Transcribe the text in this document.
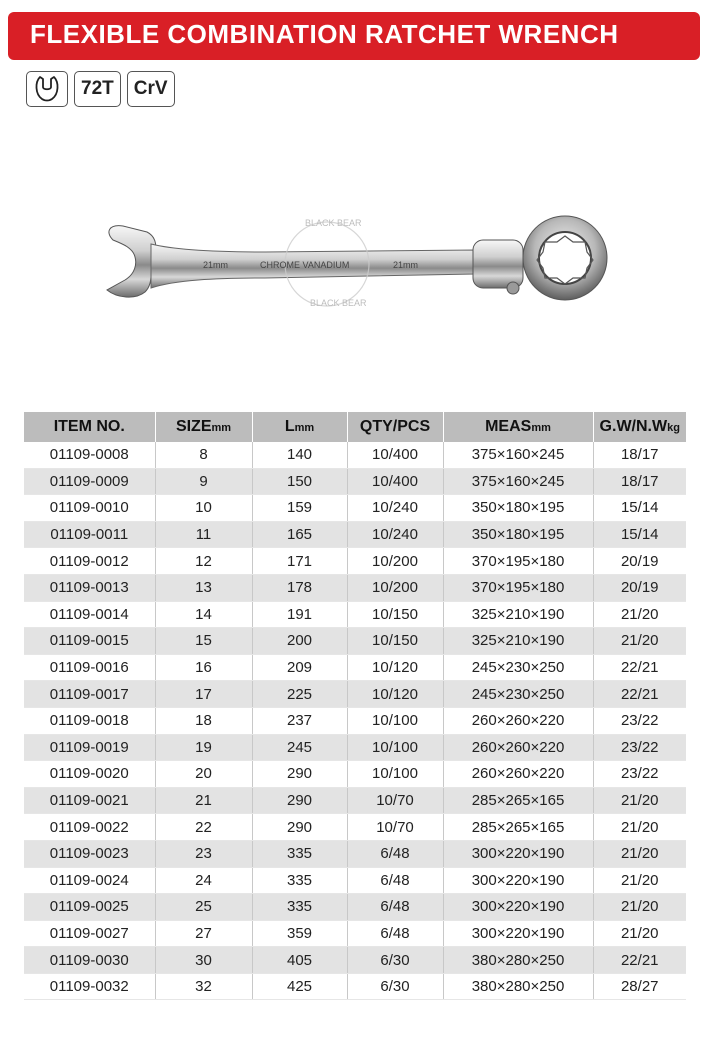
FLEXIBLE COMBINATION RATCHET WRENCH
72T	CrV
BLACK BEAR
BLACK BEAR
21mm	CHROME VANADIUM	21mm
ITEM NO.	SIZEmm	Lmm	QTY/PCS	MEASmm	G.W/N.Wkg
01109-0008	8	140	10/400	375×160×245	18/17
01109-0009	9	150	10/400	375×160×245	18/17
01109-0010	10	159	10/240	350×180×195	15/14
01109-0011	11	165	10/240	350×180×195	15/14
01109-0012	12	171	10/200	370×195×180	20/19
01109-0013	13	178	10/200	370×195×180	20/19
01109-0014	14	191	10/150	325×210×190	21/20
01109-0015	15	200	10/150	325×210×190	21/20
01109-0016	16	209	10/120	245×230×250	22/21
01109-0017	17	225	10/120	245×230×250	22/21
01109-0018	18	237	10/100	260×260×220	23/22
01109-0019	19	245	10/100	260×260×220	23/22
01109-0020	20	290	10/100	260×260×220	23/22
01109-0021	21	290	10/70	285×265×165	21/20
01109-0022	22	290	10/70	285×265×165	21/20
01109-0023	23	335	6/48	300×220×190	21/20
01109-0024	24	335	6/48	300×220×190	21/20
01109-0025	25	335	6/48	300×220×190	21/20
01109-0027	27	359	6/48	300×220×190	21/20
01109-0030	30	405	6/30	380×280×250	22/21
01109-0032	32	425	6/30	380×280×250	28/27
